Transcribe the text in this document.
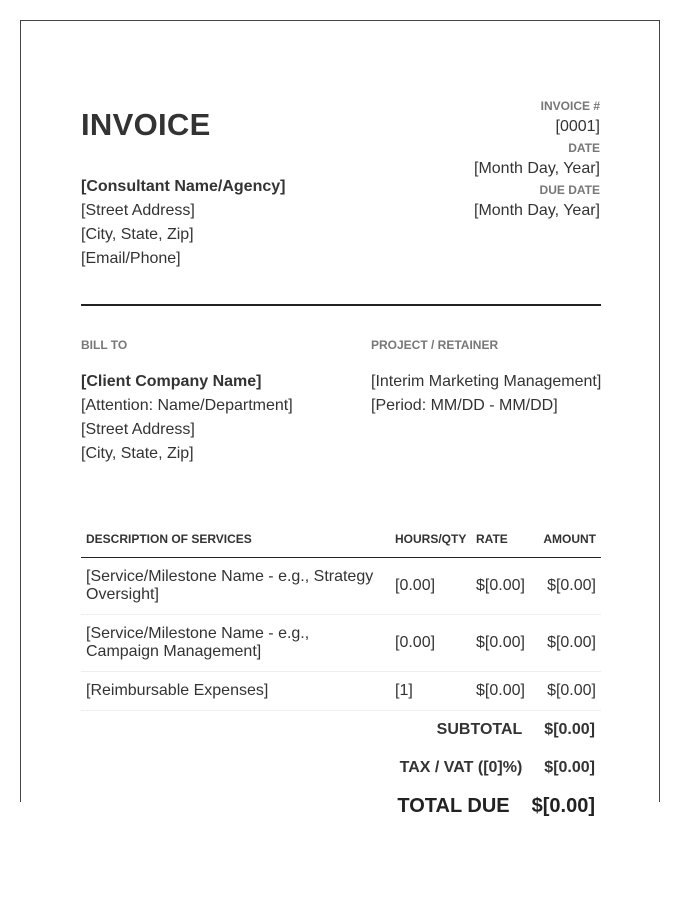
INVOICE
[Consultant Name/Agency]
[Street Address]
[City, State, Zip]
[Email/Phone]
INVOICE #
[0001]
DATE
[Month Day, Year]
DUE DATE
[Month Day, Year]
BILL TO	PROJECT / RETAINER
[Client Company Name]
[Attention: Name/Department]
[Street Address]
[City, State, Zip]
[Interim Marketing Management]
[Period: MM/DD - MM/DD]
DESCRIPTION OF SERVICES	HOURS/QTY	RATE	AMOUNT
[Service/Milestone Name - e.g., Strategy Oversight]	[0.00]	$[0.00]	$[0.00]
[Service/Milestone Name - e.g., Campaign Management]	[0.00]	$[0.00]	$[0.00]
[Reimbursable Expenses]	[1]	$[0.00]	$[0.00]
SUBTOTAL $[0.00]
TAX / VAT ([0]%) $[0.00]
TOTAL DUE $[0.00]
